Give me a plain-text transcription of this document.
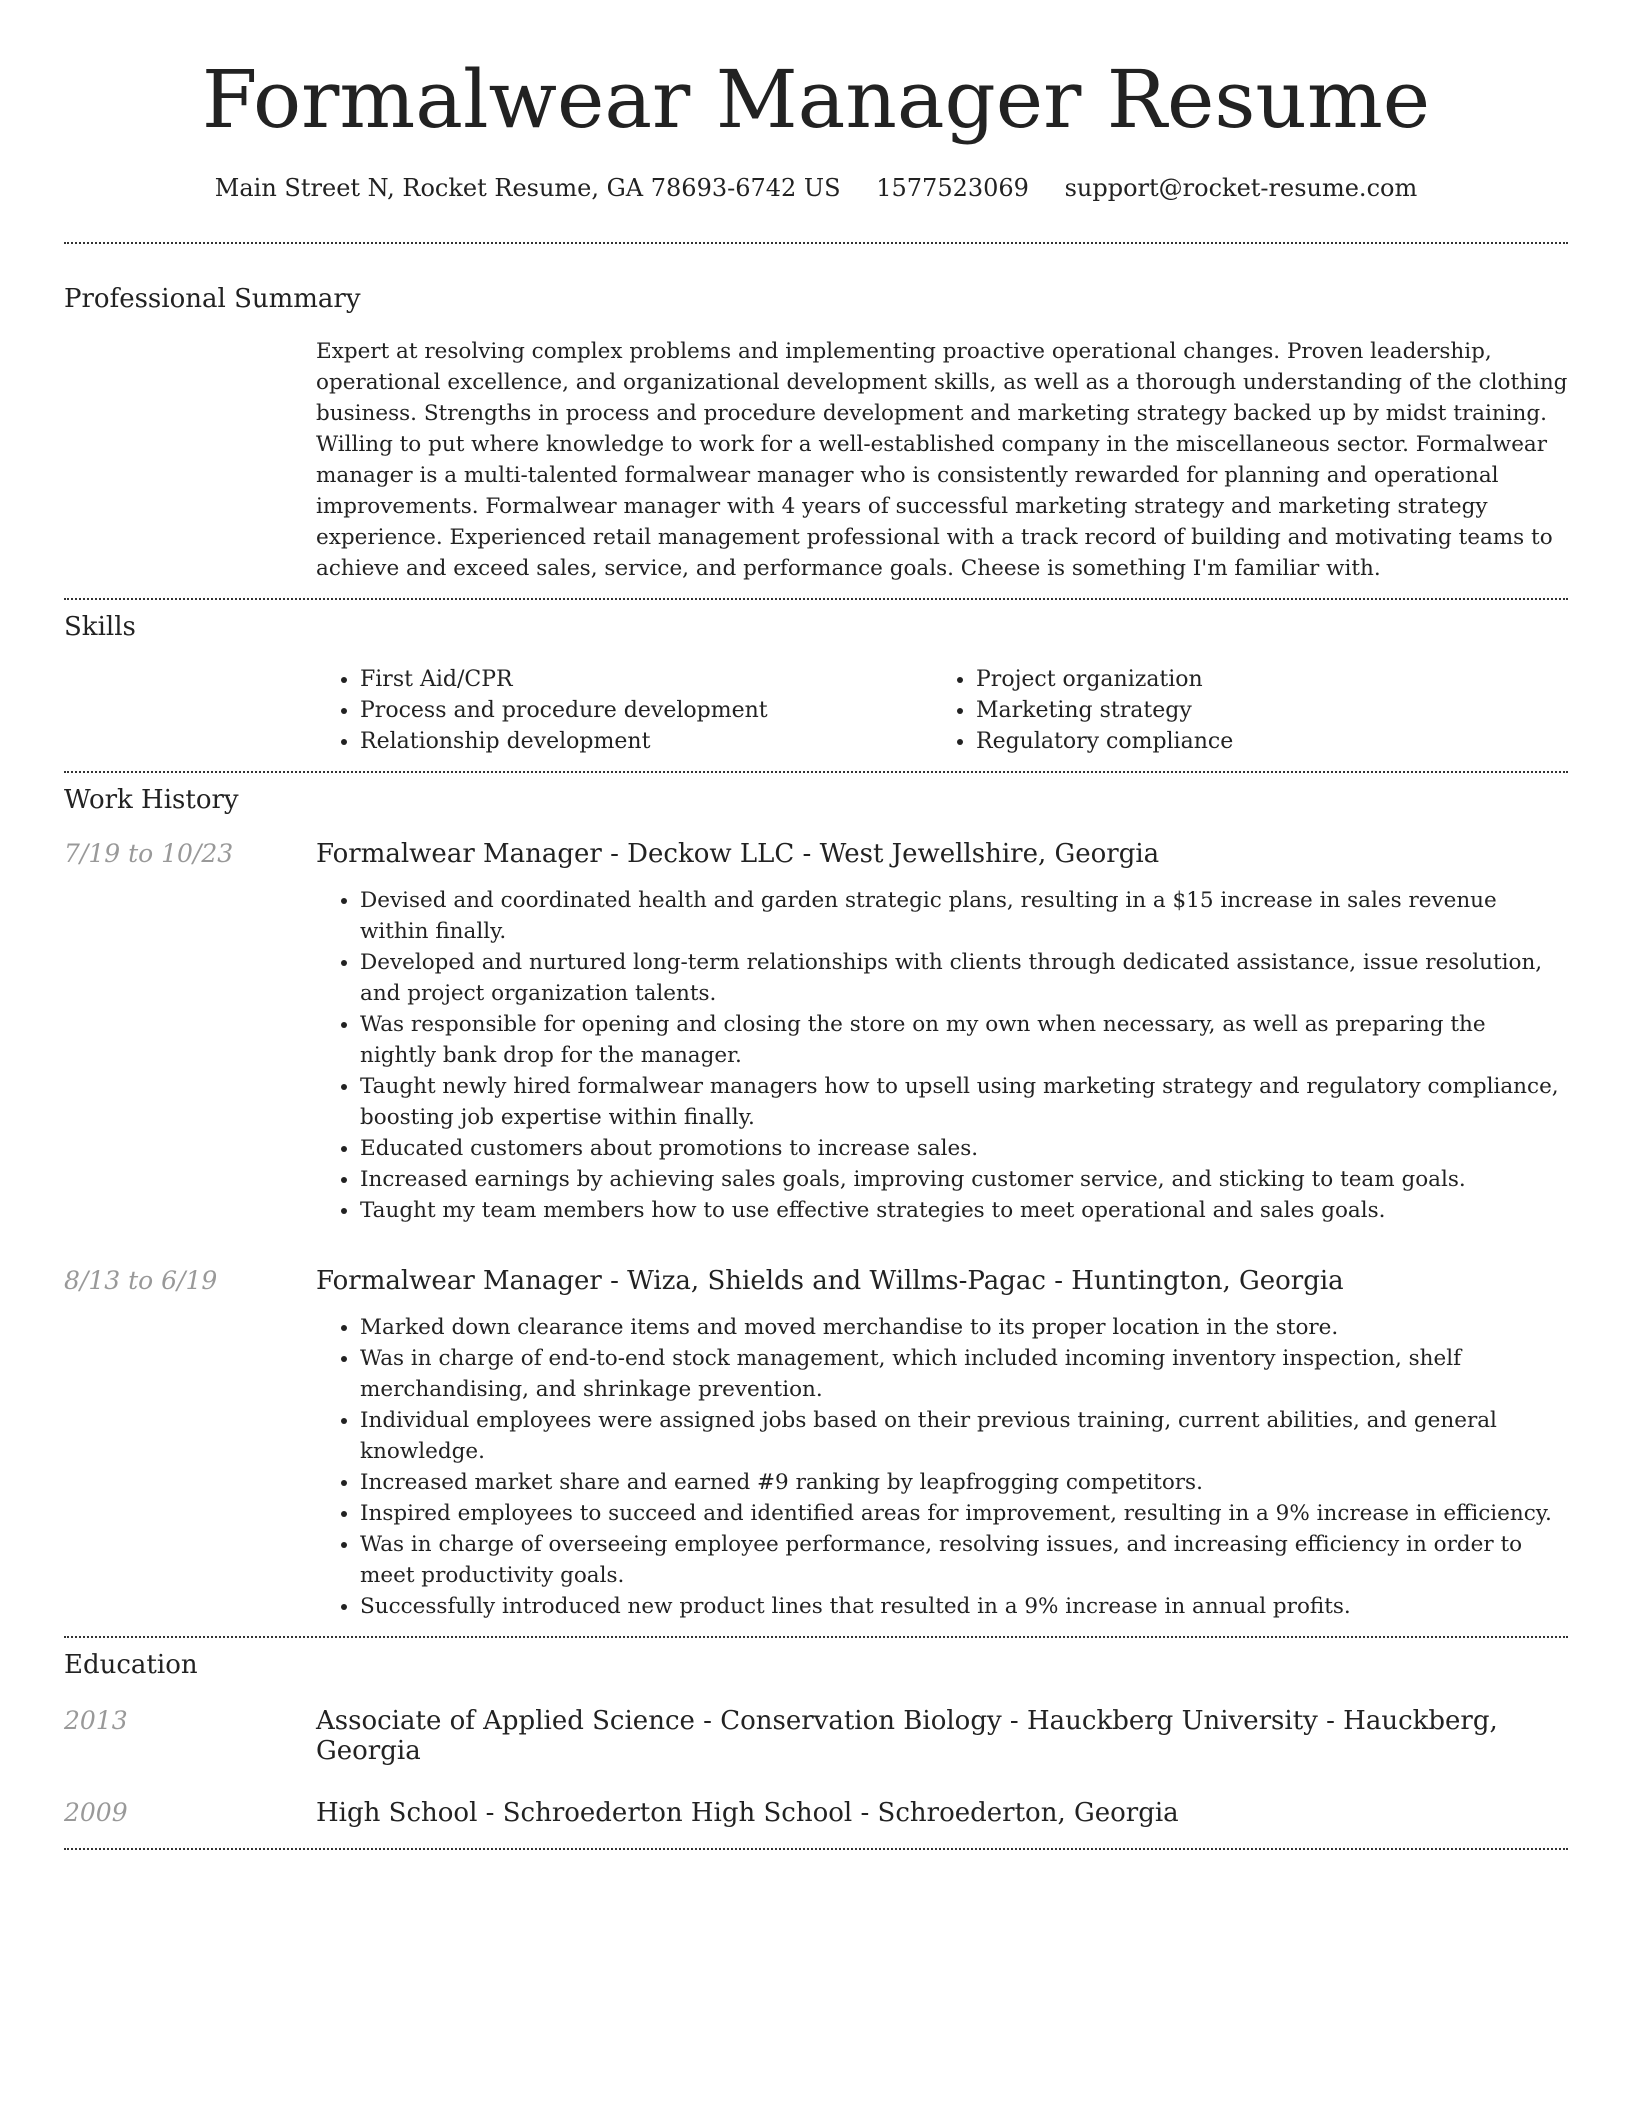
Formalwear Manager Resume
Main Street N, Rocket Resume, GA 78693-6742 US 1577523069 support@rocket-resume.com
Professional Summary

Expert at resolving complex problems and implementing proactive operational changes. Proven leadership, operational excellence, and organizational development skills, as well as a thorough understanding of the clothing business. Strengths in process and procedure development and marketing strategy backed up by midst training. Willing to put where knowledge to work for a well-established company in the miscellaneous sector. Formalwear manager is a multi-talented formalwear manager who is consistently rewarded for planning and operational improvements. Formalwear manager with 4 years of successful marketing strategy and marketing strategy experience. Experienced retail management professional with a track record of building and motivating teams to achieve and exceed sales, service, and performance goals. Cheese is something I'm familiar with.

Skills
• First Aid/CPR
• Process and procedure development
• Relationship development
• Project organization
• Marketing strategy
• Regulatory compliance
Work History
7/19 to 10/23	Formalwear Manager - Deckow LLC - West Jewellshire, Georgia
• Devised and coordinated health and garden strategic plans, resulting in a $15 increase in sales revenue within finally.
• Developed and nurtured long-term relationships with clients through dedicated assistance, issue resolution, and project organization talents.
• Was responsible for opening and closing the store on my own when necessary, as well as preparing the nightly bank drop for the manager.
• Taught newly hired formalwear managers how to upsell using marketing strategy and regulatory compliance, boosting job expertise within finally.
• Educated customers about promotions to increase sales.
• Increased earnings by achieving sales goals, improving customer service, and sticking to team goals.
• Taught my team members how to use effective strategies to meet operational and sales goals.
8/13 to 6/19	Formalwear Manager - Wiza, Shields and Willms-Pagac - Huntington, Georgia
• Marked down clearance items and moved merchandise to its proper location in the store.
• Was in charge of end-to-end stock management, which included incoming inventory inspection, shelf merchandising, and shrinkage prevention.
• Individual employees were assigned jobs based on their previous training, current abilities, and general knowledge.
• Increased market share and earned #9 ranking by leapfrogging competitors.
• Inspired employees to succeed and identified areas for improvement, resulting in a 9% increase in efficiency.
• Was in charge of overseeing employee performance, resolving issues, and increasing efficiency in order to meet productivity goals.
• Successfully introduced new product lines that resulted in a 9% increase in annual profits.
Education
2013	Associate of Applied Science - Conservation Biology - Hauckberg University - Hauckberg, Georgia
2009	High School - Schroederton High School - Schroederton, Georgia
